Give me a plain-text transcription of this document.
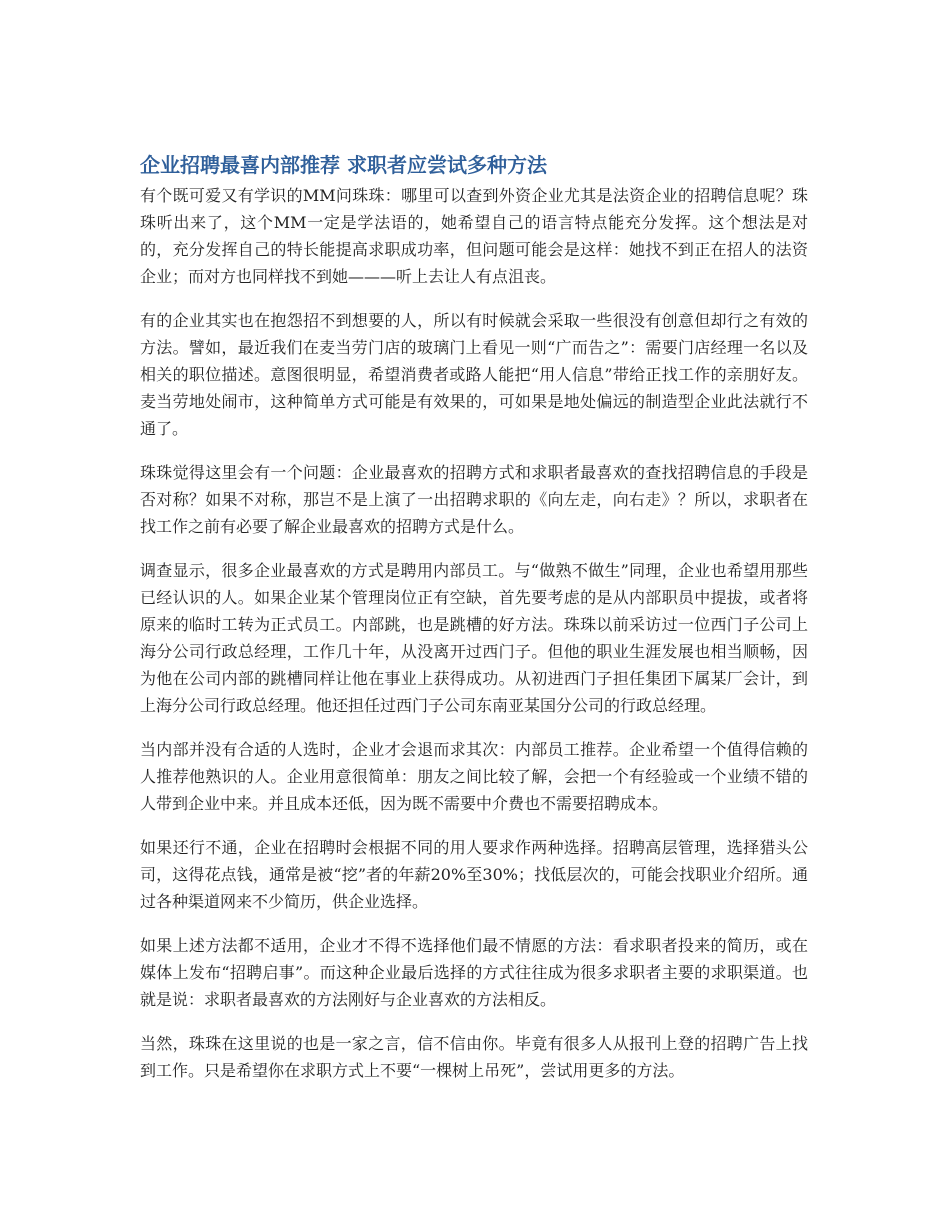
企业招聘最喜内部推荐 求职者应尝试多种方法

有个既可爱又有学识的MM问珠珠：哪里可以查到外资企业尤其是法资企业的招聘信息呢？珠珠听出来了，这个MM一定是学法语的，她希望自己的语言特点能充分发挥。这个想法是对的，充分发挥自己的特长能提高求职成功率，但问题可能会是这样：她找不到正在招人的法资企业；而对方也同样找不到她———听上去让人有点沮丧。

有的企业其实也在抱怨招不到想要的人，所以有时候就会采取一些很没有创意但却行之有效的方法。譬如，最近我们在麦当劳门店的玻璃门上看见一则“广而告之”：需要门店经理一名以及相关的职位描述。意图很明显，希望消费者或路人能把“用人信息”带给正找工作的亲朋好友。麦当劳地处闹市，这种简单方式可能是有效果的，可如果是地处偏远的制造型企业此法就行不通了。

珠珠觉得这里会有一个问题：企业最喜欢的招聘方式和求职者最喜欢的查找招聘信息的手段是否对称？如果不对称，那岂不是上演了一出招聘求职的《向左走，向右走》？所以，求职者在找工作之前有必要了解企业最喜欢的招聘方式是什么。

调查显示，很多企业最喜欢的方式是聘用内部员工。与“做熟不做生”同理，企业也希望用那些已经认识的人。如果企业某个管理岗位正有空缺，首先要考虑的是从内部职员中提拔，或者将原来的临时工转为正式员工。内部跳，也是跳槽的好方法。珠珠以前采访过一位西门子公司上海分公司行政总经理，工作几十年，从没离开过西门子。但他的职业生涯发展也相当顺畅，因为他在公司内部的跳槽同样让他在事业上获得成功。从初进西门子担任集团下属某厂会计，到上海分公司行政总经理。他还担任过西门子公司东南亚某国分公司的行政总经理。

当内部并没有合适的人选时，企业才会退而求其次：内部员工推荐。企业希望一个值得信赖的人推荐他熟识的人。企业用意很简单：朋友之间比较了解，会把一个有经验或一个业绩不错的人带到企业中来。并且成本还低，因为既不需要中介费也不需要招聘成本。

如果还行不通，企业在招聘时会根据不同的用人要求作两种选择。招聘高层管理，选择猎头公司，这得花点钱，通常是被“挖”者的年薪20%至30%；找低层次的，可能会找职业介绍所。通过各种渠道网来不少简历，供企业选择。

如果上述方法都不适用，企业才不得不选择他们最不情愿的方法：看求职者投来的简历，或在媒体上发布“招聘启事”。而这种企业最后选择的方式往往成为很多求职者主要的求职渠道。也就是说：求职者最喜欢的方法刚好与企业喜欢的方法相反。

当然，珠珠在这里说的也是一家之言，信不信由你。毕竟有很多人从报刊上登的招聘广告上找到工作。只是希望你在求职方式上不要“一棵树上吊死”，尝试用更多的方法。
